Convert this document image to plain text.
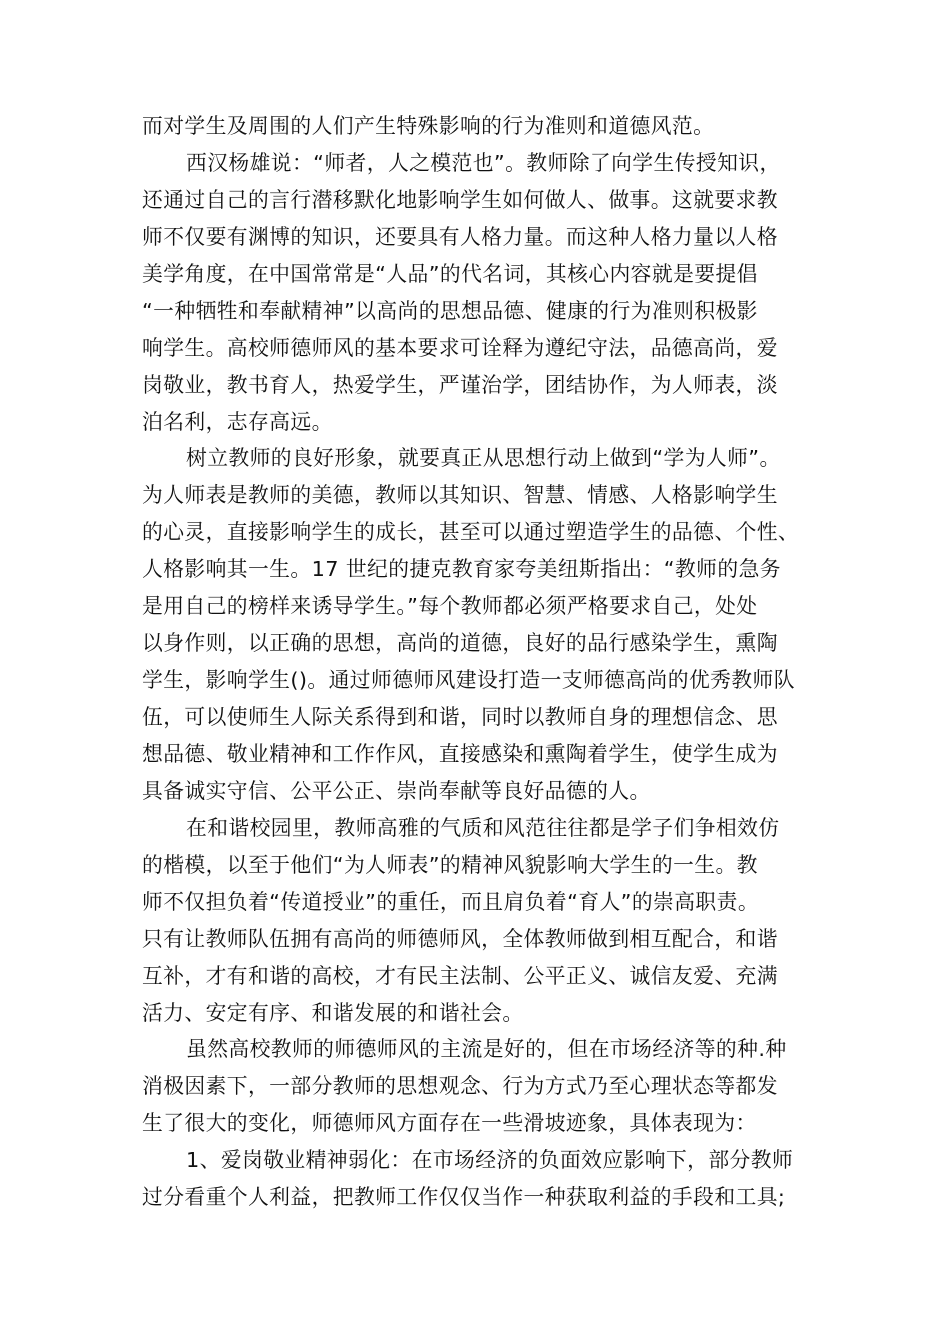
而对学生及周围的人们产生特殊影响的行为准则和道德风范。
西汉杨雄说：“师者，人之模范也”。教师除了向学生传授知识，
还通过自己的言行潜移默化地影响学生如何做人、做事。这就要求教
师不仅要有渊博的知识，还要具有人格力量。而这种人格力量以人格
美学角度，在中国常常是“人品”的代名词，其核心内容就是要提倡
“一种牺牲和奉献精神”以高尚的思想品德、健康的行为准则积极影
响学生。高校师德师风的基本要求可诠释为遵纪守法，品德高尚，爱
岗敬业，教书育人，热爱学生，严谨治学，团结协作，为人师表，淡
泊名利，志存高远。
树立教师的良好形象，就要真正从思想行动上做到“学为人师”。
为人师表是教师的美德，教师以其知识、智慧、情感、人格影响学生
的心灵，直接影响学生的成长，甚至可以通过塑造学生的品德、个性、
人格影响其一生。17 世纪的捷克教育家夸美纽斯指出：“教师的急务
是用自己的榜样来诱导学生。”每个教师都必须严格要求自己，处处
以身作则，以正确的思想，高尚的道德，良好的品行感染学生，熏陶
学生，影响学生()。通过师德师风建设打造一支师德高尚的优秀教师队
伍，可以使师生人际关系得到和谐，同时以教师自身的理想信念、思
想品德、敬业精神和工作作风，直接感染和熏陶着学生，使学生成为
具备诚实守信、公平公正、崇尚奉献等良好品德的人。
在和谐校园里，教师高雅的气质和风范往往都是学子们争相效仿
的楷模，以至于他们“为人师表”的精神风貌影响大学生的一生。教
师不仅担负着“传道授业”的重任，而且肩负着“育人”的崇高职责。
只有让教师队伍拥有高尚的师德师风，全体教师做到相互配合，和谐
互补，才有和谐的高校，才有民主法制、公平正义、诚信友爱、充满
活力、安定有序、和谐发展的和谐社会。
虽然高校教师的师德师风的主流是好的，但在市场经济等的种.种
消极因素下，一部分教师的思想观念、行为方式乃至心理状态等都发
生了很大的变化，师德师风方面存在一些滑坡迹象，具体表现为：
1、爱岗敬业精神弱化：在市场经济的负面效应影响下，部分教师
过分看重个人利益，把教师工作仅仅当作一种获取利益的手段和工具;
